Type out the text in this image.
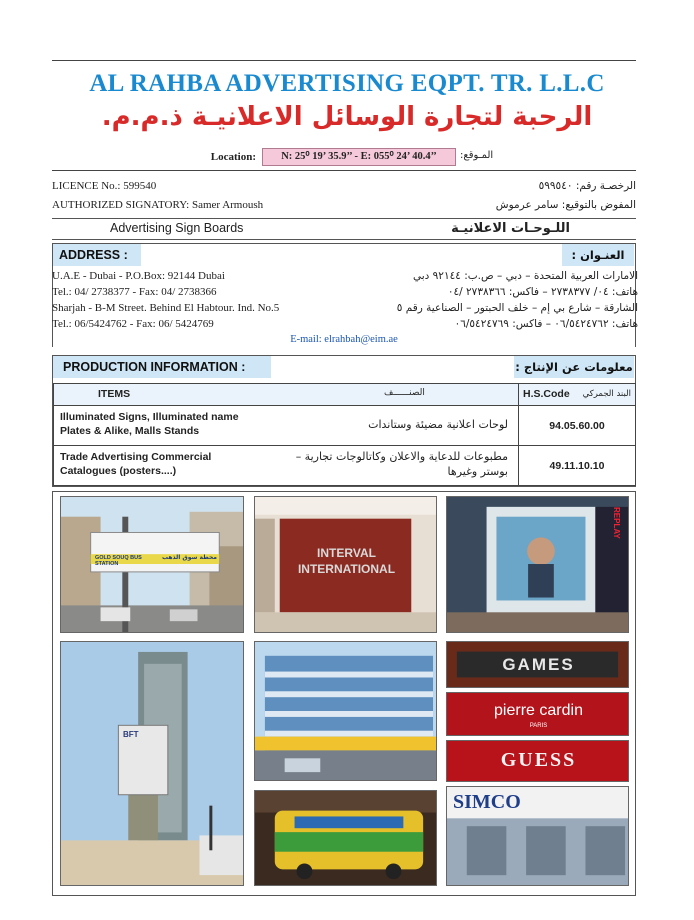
AL RAHBA ADVERTISING EQPT. TR. L.L.C
الرحبة لتجارة الوسائل الاعلانيـة ذ.م.م.
Location:	N: 25⁰ 19’ 35.9’’ - E: 055⁰ 24’ 40.4’’	المـوقع:
LICENCE No.: 599540	الرخصـة رقم: ٥٩٩٥٤٠
AUTHORIZED SIGNATORY: Samer Armoush	المفوض بالتوقيع: سامر عرموش
Advertising Sign Boards	اللـوحـات الاعلانيـة
ADDRESS :	العنـوان :
U.A.E - Dubai - P.O.Box: 92144 Dubai
Tel.: 04/ 2738377 - Fax: 04/ 2738366
Sharjah - B-M Street. Behind El Habtour. Ind. No.5
Tel.: 06/5424762 - Fax: 06/ 5424769
الامارات العربية المتحدة – دبي – ص.ب: ٩٢١٤٤ دبي
هاتف: ٠٤/ ٢٧٣٨٣٧٧ – فاكس: ٢٧٣٨٣٦٦ /٠٤
الشارقة – شارع بي إم – خلف الحبتور – الصناعية رقم ٥
هاتف: ٠٦/٥٤٢٤٧٦٢ – فاكس: ٠٦/٥٤٢٤٧٦٩
E-mail: elrahbah@eim.ae
PRODUCTION INFORMATION :	معلومات عن الإنتاج :
ITEMS الصنــــــف	H.S.Code البند الجمركي

Illuminated Signs, Illuminated name Plates & Alike, Malls Stands لوحات اعلانية مضيئة وستاندات	94.05.60.00

Trade Advertising Commercial Catalogues (posters....)
مطبوعات للدعاية والاعلان وكاتالوجات تجارية – بوستر وغيرها	49.11.10.10
GOLD SOUQ BUS STATION
محطة سوق الذهب	INTERVAL
INTERNATIONAL
REPLAY
BFT
GAMES
pierre cardin
PARIS
GUESS
SIMCO
